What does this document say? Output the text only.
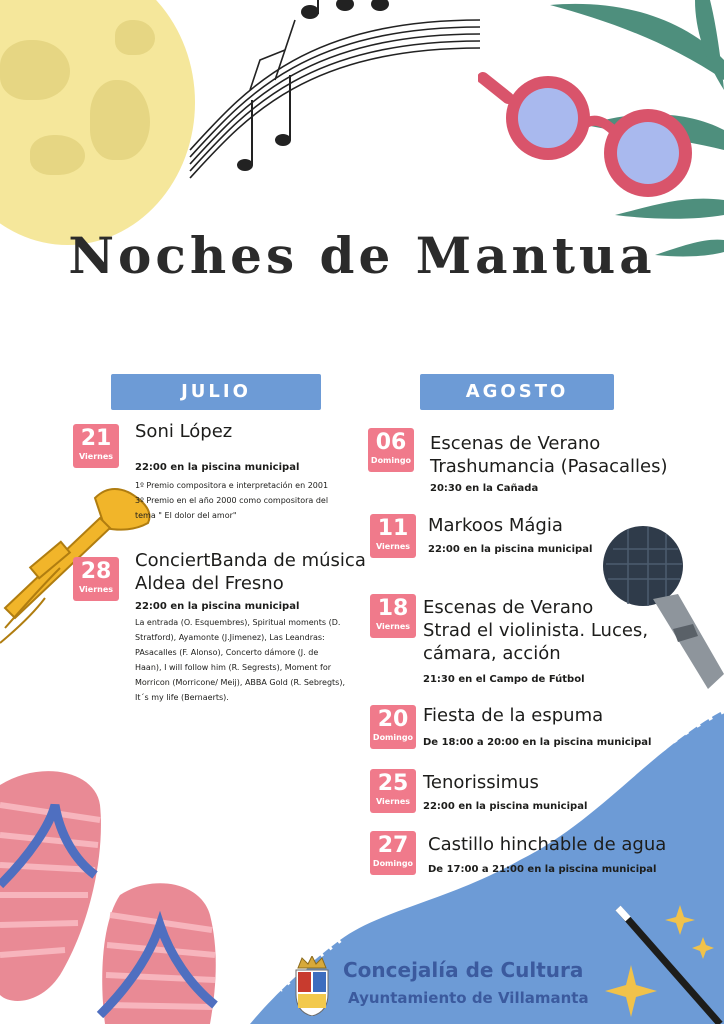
Noches de Mantua
JULIO
21
Viernes
Soni López
22:00 en la piscina municipal
1º Premio compositora e interpretación en 2001
3º Premio en el año 2000 como compositora del
tema " El dolor del amor"
28
Viernes
ConciertBanda de música
Aldea del Fresno
22:00 en la piscina municipal
La entrada (O. Esquembres), Spiritual moments (D.
Stratford), Ayamonte (J.Jimenez), Las Leandras:
PAsacalles (F. Alonso), Concerto dámore (J. de
Haan), I will follow him (R. Segrests), Moment for
Morricon (Morricone/ Meij), ABBA Gold (R. Sebregts),
It´s my life (Bernaerts).
AGOSTO
06
Domingo
Escenas de Verano
Trashumancia (Pasacalles)
20:30 en la Cañada
11
Viernes
Markoos Mágia
22:00 en la piscina municipal
18
Viernes
Escenas de Verano
Strad el violinista. Luces,
cámara, acción
21:30 en el Campo de Fútbol
20
Domingo
Fiesta de la espuma
De 18:00 a 20:00 en la piscina municipal
25
Viernes
Tenorissimus
22:00 en la piscina municipal
27
Domingo
Castillo hinchable de agua
De 17:00 a 21:00 en la piscina municipal
Concejalía de Cultura
Ayuntamiento de Villamanta
